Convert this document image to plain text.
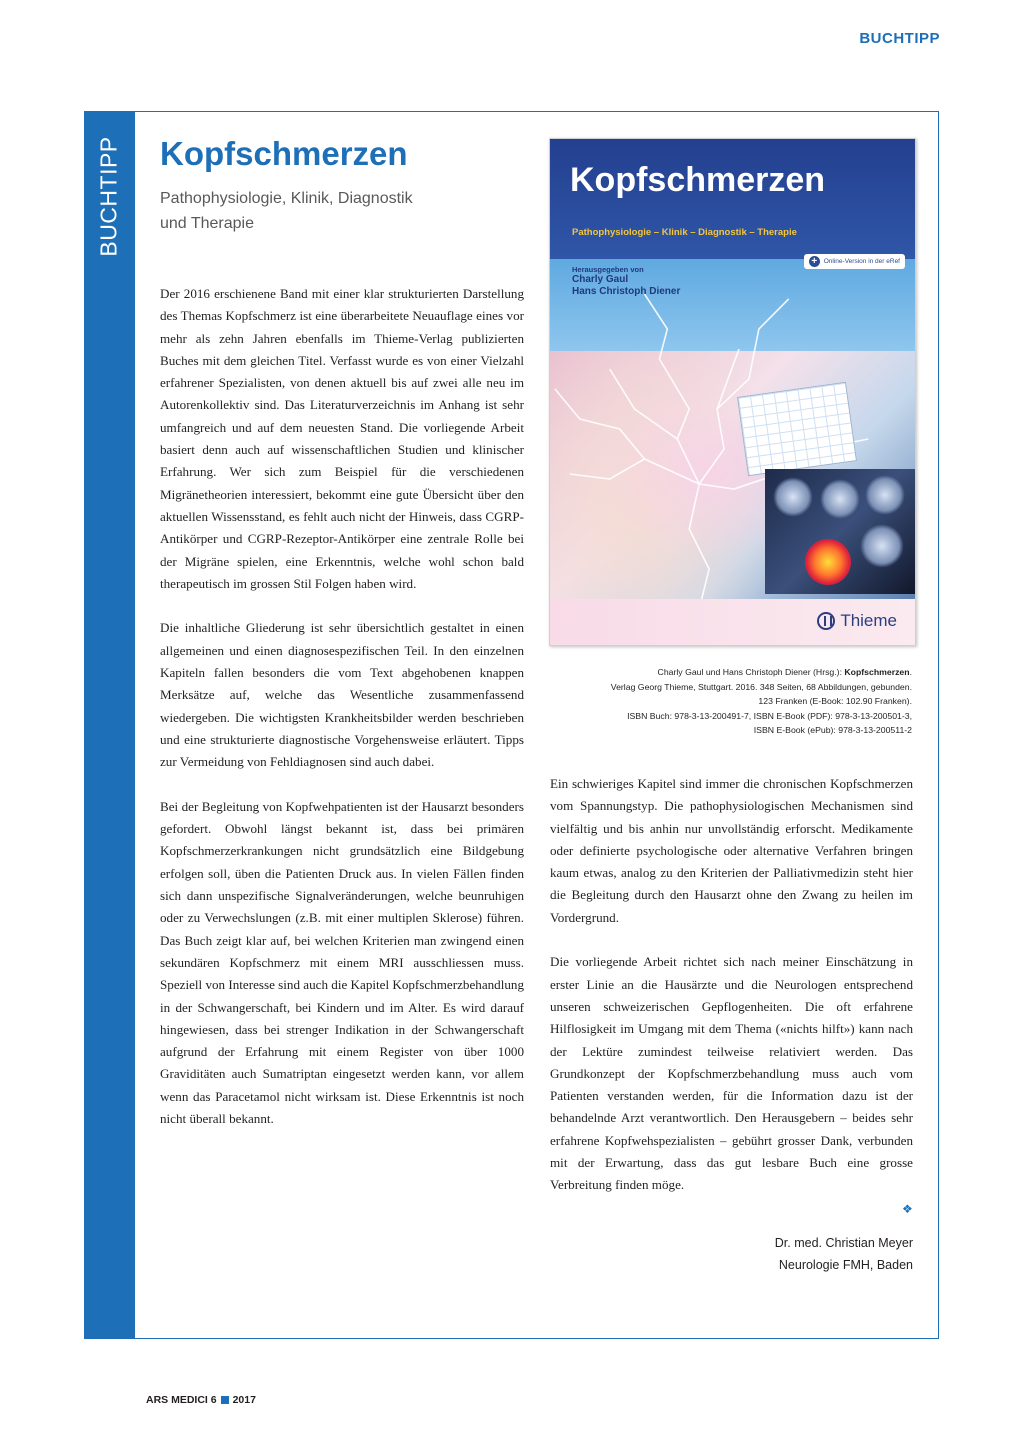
BUCHTIPP
BUCHTIPP Kopfschmerzen
Pathophysiologie, Klinik, Diagnostik
und Therapie

Der 2016 erschienene Band mit einer klar strukturierten Darstellung des Themas Kopfschmerz ist eine überarbeitete Neuauflage eines vor mehr als zehn Jahren ebenfalls im Thieme-Verlag publizierten Buches mit dem gleichen Titel. Verfasst wurde es von einer Vielzahl erfahrener Spezialisten, von denen aktuell bis auf zwei alle neu im Autorenkollektiv sind. Das Literaturverzeichnis im Anhang ist sehr umfangreich und auf dem neuesten Stand. Die vorliegende Arbeit basiert denn auch auf wissenschaftlichen Studien und klinischer Erfahrung. Wer sich zum Beispiel für die verschiedenen Migränetheorien interessiert, bekommt eine gute Übersicht über den aktuellen Wissensstand, es fehlt auch nicht der Hinweis, dass CGRP-Antikörper und CGRP-Rezeptor-Antikörper eine zentrale Rolle bei der Migräne spielen, eine Erkenntnis, welche wohl schon bald therapeutisch im grossen Stil Folgen haben wird.

Die inhaltliche Gliederung ist sehr übersichtlich gestaltet in einen allgemeinen und einen diagnosespezifischen Teil. In den einzelnen Kapiteln fallen besonders die vom Text abgehobenen knappen Merksätze auf, welche das Wesentliche zusammenfassend wiedergeben. Die wichtigsten Krankheitsbilder werden beschrieben und eine strukturierte diagnostische Vorgehensweise erläutert. Tipps zur Vermeidung von Fehldiagnosen sind auch dabei.

Bei der Begleitung von Kopfwehpatienten ist der Hausarzt besonders gefordert. Obwohl längst bekannt ist, dass bei primären Kopfschmerzerkrankungen nicht grundsätzlich eine Bildgebung erfolgen soll, üben die Patienten Druck aus. In vielen Fällen finden sich dann unspezifische Signalveränderungen, welche beunruhigen oder zu Verwechslungen (z.B. mit einer multiplen Sklerose) führen. Das Buch zeigt klar auf, bei welchen Kriterien man zwingend einen sekundären Kopfschmerz mit einem MRI ausschliessen muss. Speziell von Interesse sind auch die Kapitel Kopfschmerzbehandlung in der Schwangerschaft, bei Kindern und im Alter. Es wird darauf hingewiesen, dass bei strenger Indikation in der Schwangerschaft aufgrund der Erfahrung mit einem Register von über 1000 Graviditäten auch Sumatriptan eingesetzt werden kann, vor allem wenn das Paracetamol nicht wirksam ist. Diese Erkenntnis ist noch nicht überall bekannt.

Kopfschmerzen
Pathophysiologie – Klinik – Diagnostik – Therapie
+	Online-Version in der eRef
Herausgegeben von
Charly Gaul
Hans Christoph Diener
Thieme
Charly Gaul und Hans Christoph Diener (Hrsg.): Kopfschmerzen.
Verlag Georg Thieme, Stuttgart. 2016. 348 Seiten, 68 Abbildungen, gebunden.
123 Franken (E-Book: 102.90 Franken).
ISBN Buch: 978-3-13-200491-7, ISBN E-Book (PDF): 978-3-13-200501-3,
ISBN E-Book (ePub): 978-3-13-200511-2

Ein schwieriges Kapitel sind immer die chronischen Kopfschmerzen vom Spannungstyp. Die pathophysiologischen Mechanismen sind vielfältig und bis anhin nur unvollständig erforscht. Medikamente oder definierte psychologische oder alternative Verfahren bringen kaum etwas, analog zu den Kriterien der Palliativmedizin steht hier die Begleitung durch den Hausarzt ohne den Zwang zu heilen im Vordergrund.

Die vorliegende Arbeit richtet sich nach meiner Einschätzung in erster Linie an die Hausärzte und die Neurologen entsprechend unseren schweizerischen Gepflogenheiten. Die oft erfahrene Hilflosigkeit im Umgang mit dem Thema («nichts hilft») kann nach der Lektüre zumindest teilweise relativiert werden. Das Grundkonzept der Kopfschmerzbehandlung muss auch vom Patienten verstanden werden, für die Information dazu ist der behandelnde Arzt verantwortlich. Den Herausgebern – beides sehr erfahrene Kopfwehspezialisten – gebührt grosser Dank, verbunden mit der Erwartung, dass das gut lesbare Buch eine grosse Verbreitung finden möge.

❖
Dr. med. Christian Meyer
Neurologie FMH, Baden
ARS MEDICI 6 2017
